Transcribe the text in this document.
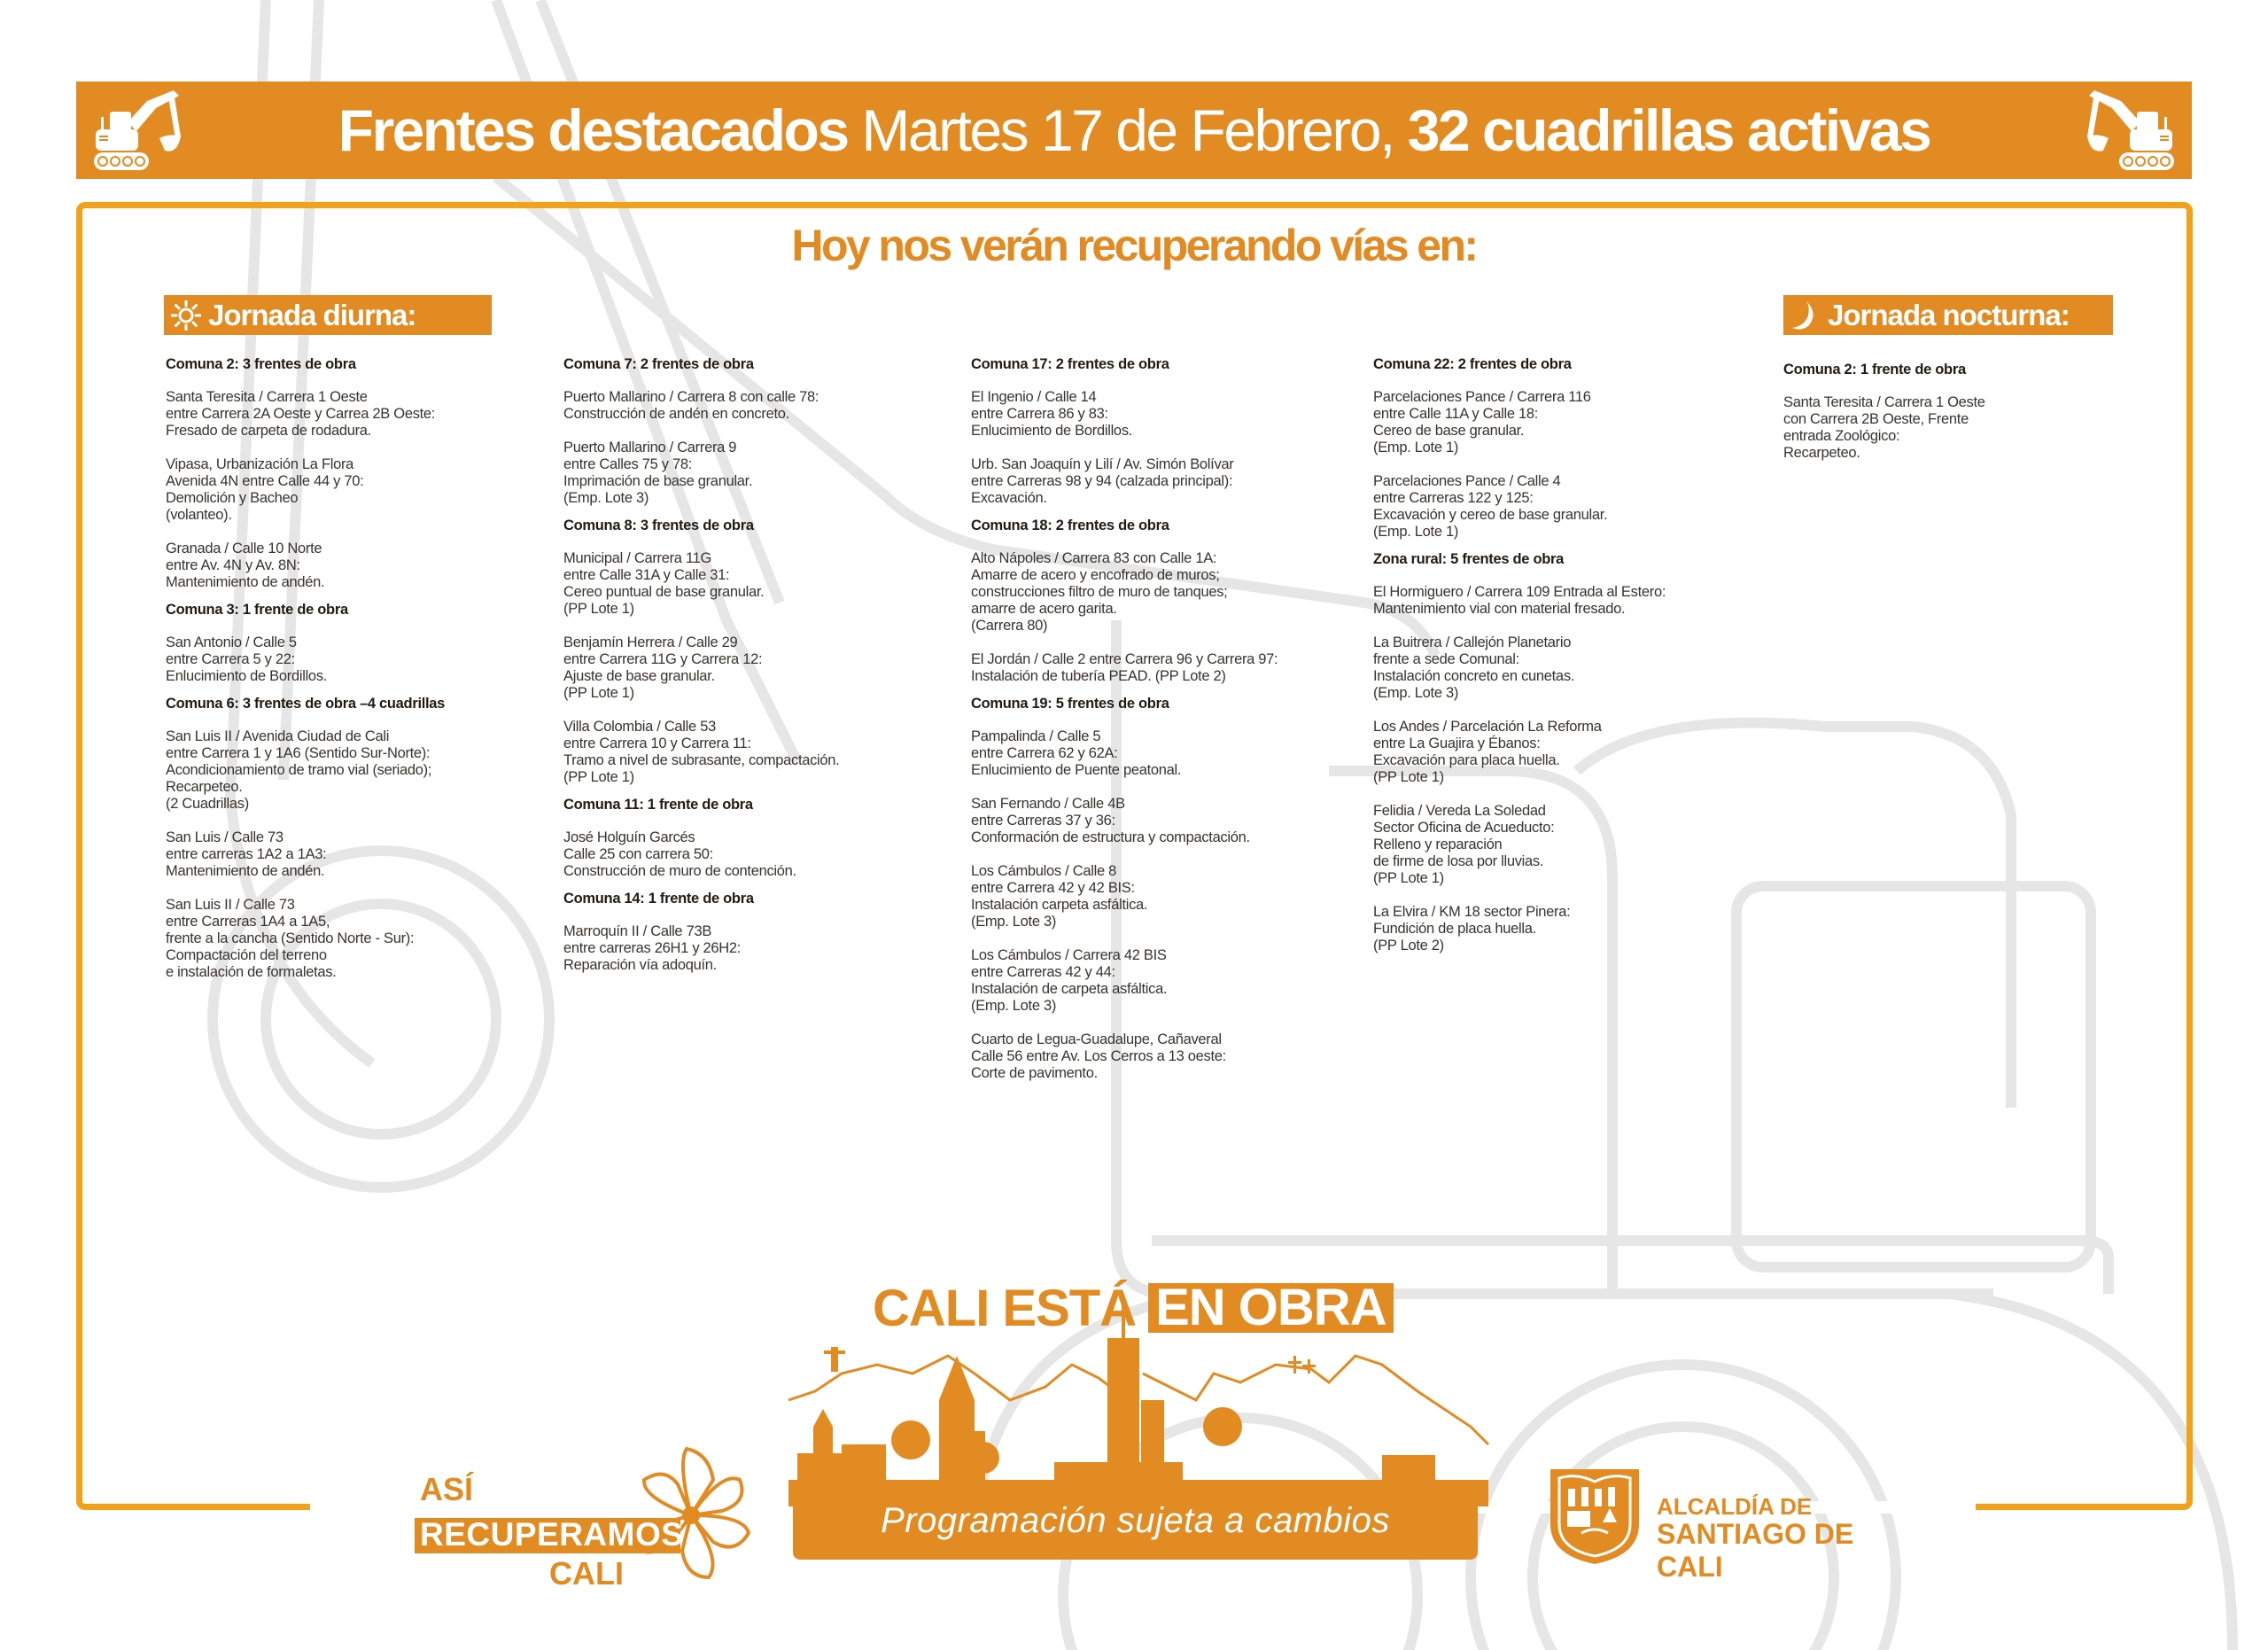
Frentes destacados Martes 17 de Febrero, 32 cuadrillas activas
Hoy nos verán recuperando vías en:
Jornada diurna:	Jornada nocturna:
Comuna 2: 3 frentes de obra
Santa Teresita / Carrera 1 Oeste
entre Carrera 2A Oeste y Carrea 2B Oeste:
Fresado de carpeta de rodadura.
Vipasa, Urbanización La Flora
Avenida 4N entre Calle 44 y 70:
Demolición y Bacheo
(volanteo).
Granada / Calle 10 Norte
entre Av. 4N y Av. 8N:
Mantenimiento de andén.
Comuna 3: 1 frente de obra
San Antonio / Calle 5
entre Carrera 5 y 22:
Enlucimiento de Bordillos.
Comuna 6: 3 frentes de obra –4 cuadrillas
San Luis II / Avenida Ciudad de Cali
entre Carrera 1 y 1A6 (Sentido Sur-Norte):
Acondicionamiento de tramo vial (seriado);
Recarpeteo.
(2 Cuadrillas)
San Luis / Calle 73
entre carreras 1A2 a 1A3:
Mantenimiento de andén.
San Luis II / Calle 73
entre Carreras 1A4 a 1A5,
frente a la cancha (Sentido Norte - Sur):
Compactación del terreno
e instalación de formaletas.
Comuna 7: 2 frentes de obra
Puerto Mallarino / Carrera 8 con calle 78:
Construcción de andén en concreto.
Puerto Mallarino / Carrera 9
entre Calles 75 y 78:
Imprimación de base granular.
(Emp. Lote 3)
Comuna 8: 3 frentes de obra
Municipal / Carrera 11G
entre Calle 31A y Calle 31:
Cereo puntual de base granular.
(PP Lote 1)
Benjamín Herrera / Calle 29
entre Carrera 11G y Carrera 12:
Ajuste de base granular.
(PP Lote 1)
Villa Colombia / Calle 53
entre Carrera 10 y Carrera 11:
Tramo a nivel de subrasante, compactación.
(PP Lote 1)
Comuna 11: 1 frente de obra
José Holguín Garcés
Calle 25 con carrera 50:
Construcción de muro de contención.
Comuna 14: 1 frente de obra
Marroquín II / Calle 73B
entre carreras 26H1 y 26H2:
Reparación vía adoquín.
Comuna 17: 2 frentes de obra
El Ingenio / Calle 14
entre Carrera 86 y 83:
Enlucimiento de Bordillos.
Urb. San Joaquín y Lilí / Av. Simón Bolívar
entre Carreras 98 y 94 (calzada principal):
Excavación.
Comuna 18: 2 frentes de obra
Alto Nápoles / Carrera 83 con Calle 1A:
Amarre de acero y encofrado de muros;
construcciones filtro de muro de tanques;
amarre de acero garita.
(Carrera 80)
El Jordán / Calle 2 entre Carrera 96 y Carrera 97:
Instalación de tubería PEAD. (PP Lote 2)
Comuna 19: 5 frentes de obra
Pampalinda / Calle 5
entre Carrera 62 y 62A:
Enlucimiento de Puente peatonal.
San Fernando / Calle 4B
entre Carreras 37 y 36:
Conformación de estructura y compactación.
Los Cámbulos / Calle 8
entre Carrera 42 y 42 BIS:
Instalación carpeta asfáltica.
(Emp. Lote 3)
Los Cámbulos / Carrera 42 BIS
entre Carreras 42 y 44:
Instalación de carpeta asfáltica.
(Emp. Lote 3)
Cuarto de Legua-Guadalupe, Cañaveral
Calle 56 entre Av. Los Cerros a 13 oeste:
Corte de pavimento.
Comuna 22: 2 frentes de obra
Parcelaciones Pance / Carrera 116
entre Calle 11A y Calle 18:
Cereo de base granular.
(Emp. Lote 1)
Parcelaciones Pance / Calle 4
entre Carreras 122 y 125:
Excavación y cereo de base granular.
(Emp. Lote 1)
Zona rural: 5 frentes de obra
El Hormiguero / Carrera 109 Entrada al Estero:
Mantenimiento vial con material fresado.
La Buitrera / Callejón Planetario
frente a sede Comunal:
Instalación concreto en cunetas.
(Emp. Lote 3)
Los Andes / Parcelación La Reforma
entre La Guajira y Ébanos:
Excavación para placa huella.
(PP Lote 1)
Felidia / Vereda La Soledad
Sector Oficina de Acueducto:
Relleno y reparación
de firme de losa por lluvias.
(PP Lote 1)
La Elvira / KM 18 sector Pinera:
Fundición de placa huella.
(PP Lote 2)
Comuna 2: 1 frente de obra
Santa Teresita / Carrera 1 Oeste
con Carrera 2B Oeste, Frente
entrada Zoológico:
Recarpeteo.
CALI ESTÁ EN OBRA
Programación sujeta a cambios
ASÍ
RECUPERAMOS
CALI
ALCALDÍA DE
SANTIAGO DE CALI
